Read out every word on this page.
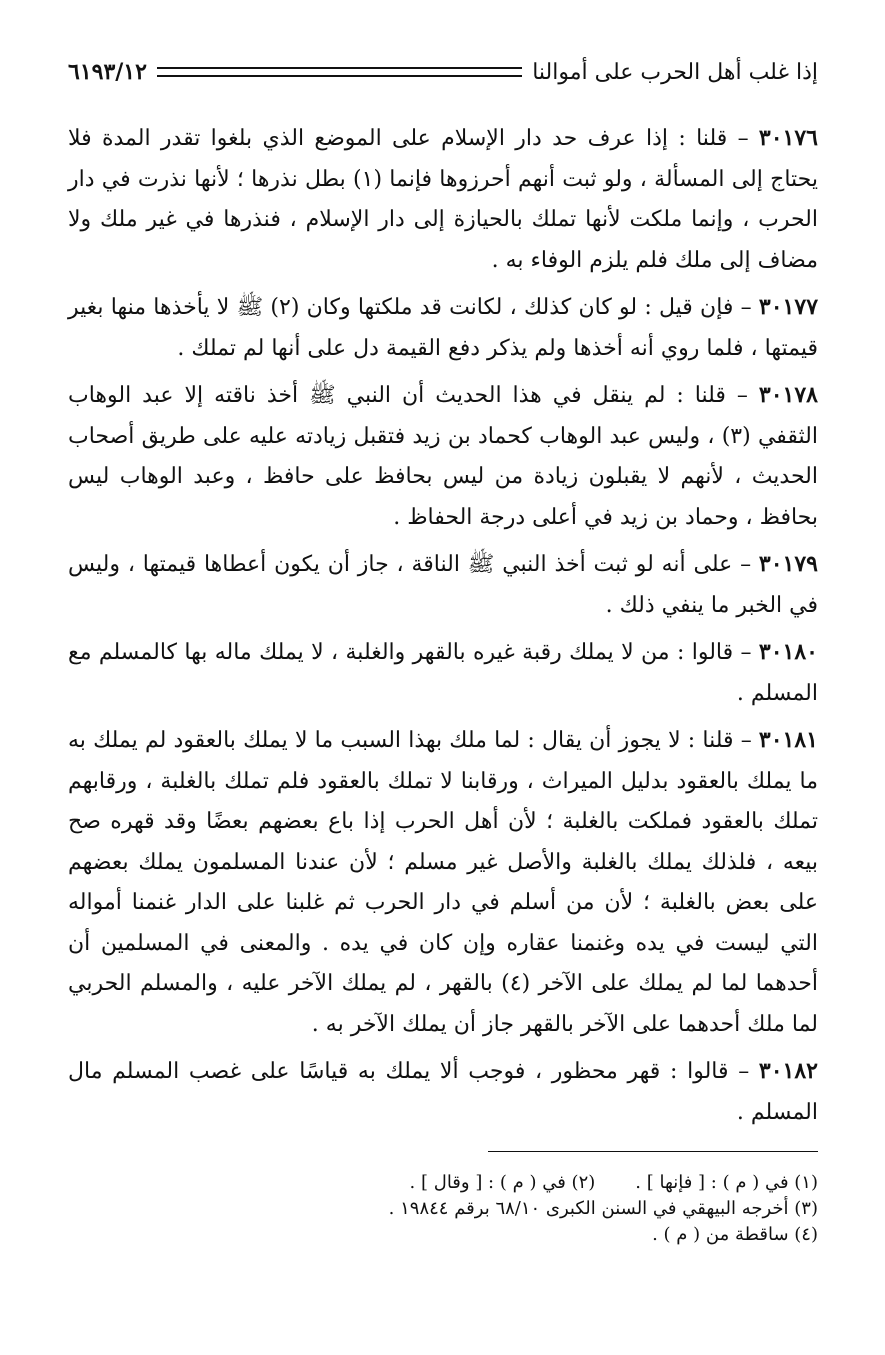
إذا غلب أهل الحرب على أموالنا
٦١٩٣/١٢

٣٠١٧٦ – قلنا : إذا عرف حد دار الإسلام على الموضع الذي بلغوا تقدر المدة فلا يحتاج إلى المسألة ، ولو ثبت أنهم أحرزوها فإنما (١) بطل نذرها ؛ لأنها نذرت في دار الحرب ، وإنما ملكت لأنها تملك بالحيازة إلى دار الإسلام ، فنذرها في غير ملك ولا مضاف إلى ملك فلم يلزم الوفاء به .

٣٠١٧٧ – فإن قيل : لو كان كذلك ، لكانت قد ملكتها وكان (٢) ﷺ لا يأخذها منها بغير قيمتها ، فلما روي أنه أخذها ولم يذكر دفع القيمة دل على أنها لم تملك .

٣٠١٧٨ – قلنا : لم ينقل في هذا الحديث أن النبي ﷺ أخذ ناقته إلا عبد الوهاب الثقفي (٣) ، وليس عبد الوهاب كحماد بن زيد فتقبل زيادته عليه على طريق أصحاب الحديث ، لأنهم لا يقبلون زيادة من ليس بحافظ على حافظ ، وعبد الوهاب ليس بحافظ ، وحماد بن زيد في أعلى درجة الحفاظ .

٣٠١٧٩ – على أنه لو ثبت أخذ النبي ﷺ الناقة ، جاز أن يكون أعطاها قيمتها ، وليس في الخبر ما ينفي ذلك .

٣٠١٨٠ – قالوا : من لا يملك رقبة غيره بالقهر والغلبة ، لا يملك ماله بها كالمسلم مع المسلم .

٣٠١٨١ – قلنا : لا يجوز أن يقال : لما ملك بهذا السبب ما لا يملك بالعقود لم يملك به ما يملك بالعقود بدليل الميراث ، ورقابنا لا تملك بالعقود فلم تملك بالغلبة ، ورقابهم تملك بالعقود فملكت بالغلبة ؛ لأن أهل الحرب إذا باع بعضهم بعضًا وقد قهره صح بيعه ، فلذلك يملك بالغلبة والأصل غير مسلم ؛ لأن عندنا المسلمون يملك بعضهم على بعض بالغلبة ؛ لأن من أسلم في دار الحرب ثم غلبنا على الدار غنمنا أمواله التي ليست في يده وغنمنا عقاره وإن كان في يده . والمعنى في المسلمين أن أحدهما لما لم يملك على الآخر (٤) بالقهر ، لم يملك الآخر عليه ، والمسلم الحربي لما ملك أحدهما على الآخر بالقهر جاز أن يملك الآخر به .

٣٠١٨٢ – قالوا : قهر محظور ، فوجب ألا يملك به قياسًا على غصب المسلم مال المسلم .

(١) في ( م ) : [ فإنها ] .
(٢) في ( م ) : [ وقال ] .
(٣) أخرجه البيهقي في السنن الكبرى ٦٨/١٠ برقم ١٩٨٤٤ .
(٤) ساقطة من ( م ) .
